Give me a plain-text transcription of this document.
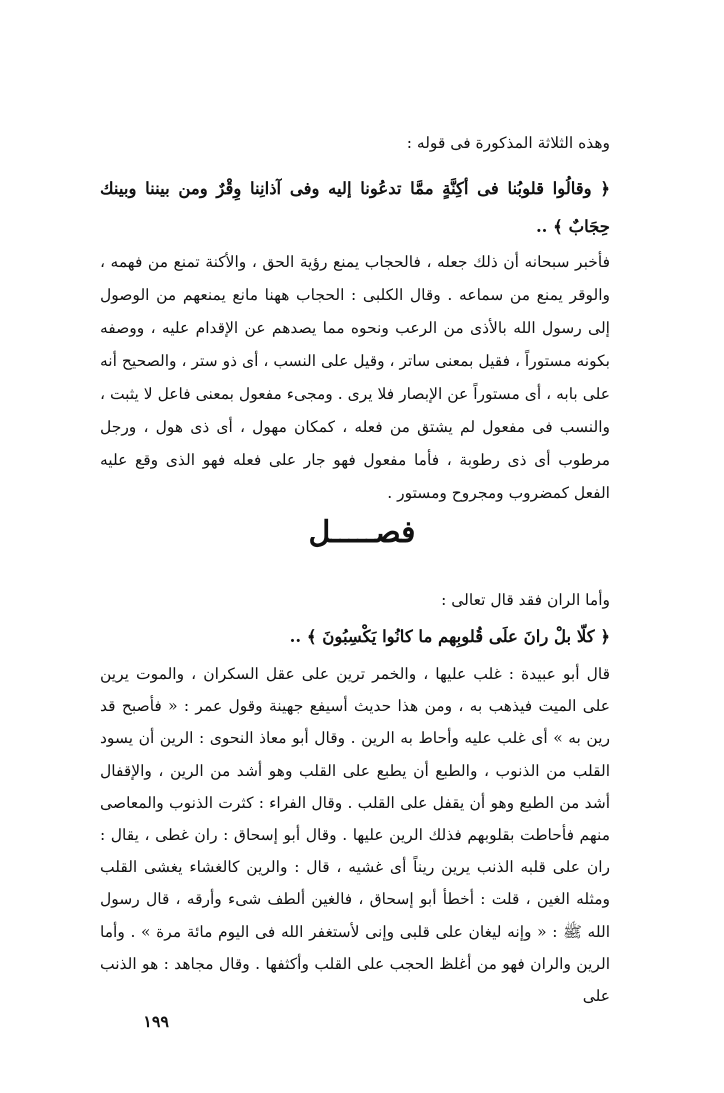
وهذه الثلاثة المذكورة فى قوله :

﴿ وقالُوا قلوبُنا فى أكِنَّةٍ ممَّا تدعُونا إليه وفى آذانِنا وِقْرٌ ومن بيننا وبينك حِجَابٌ ﴾ ..

فأخبر سبحانه أن ذلك جعله ، فالحجاب يمنع رؤية الحق ، والأكنة تمنع من فهمه ، والوقر يمنع من سماعه . وقال الكلبى : الحجاب ههنا مانع يمنعهم من الوصول إلى رسول الله بالأذى من الرعب ونحوه مما يصدهم عن الإقدام عليه ، ووصفه بكونه مستوراً ، فقيل بمعنى ساتر ، وقيل على النسب ، أى ذو ستر ، والصحيح أنه على بابه ، أى مستوراً عن الإبصار فلا يرى . ومجىء مفعول بمعنى فاعل لا يثبت ، والنسب فى مفعول لم يشتق من فعله ، كمكان مهول ، أى ذى هول ، ورجل مرطوب أى ذى رطوبة ، فأما مفعول فهو جار على فعله فهو الذى وقع عليه الفعل كمضروب ومجروح ومستور .

فصـــــل
وأما الران فقد قال تعالى :

﴿ كلّا بلْ رانَ علَى قُلوبِهم ما كانُوا يَكْسِبُونَ ﴾ ..

قال أبو عبيدة : غلب عليها ، والخمر ترين على عقل السكران ، والموت يرين على الميت فيذهب به ، ومن هذا حديث أسيفع جهينة وقول عمر : « فأصبح قد رين به » أى غلب عليه وأحاط به الرين . وقال أبو معاذ النحوى : الرين أن يسود القلب من الذنوب ، والطبع أن يطبع على القلب وهو أشد من الرين ، والإقفال أشد من الطبع وهو أن يقفل على القلب . وقال الفراء : كثرت الذنوب والمعاصى منهم فأحاطت بقلوبهم فذلك الرين عليها . وقال أبو إسحاق : ران غطى ، يقال : ران على قلبه الذنب يرين ريناً أى غشيه ، قال : والرين كالغشاء يغشى القلب ومثله الغين ، قلت : أخطأ أبو إسحاق ، فالغين ألطف شىء وأرقه ، قال رسول الله ﷺ : « وإنه ليغان على قلبى وإنى لأستغفر الله فى اليوم مائة مرة » . وأما الرين والران فهو من أغلظ الحجب على القلب وأكثفها . وقال مجاهد : هو الذنب على

١٩٩
